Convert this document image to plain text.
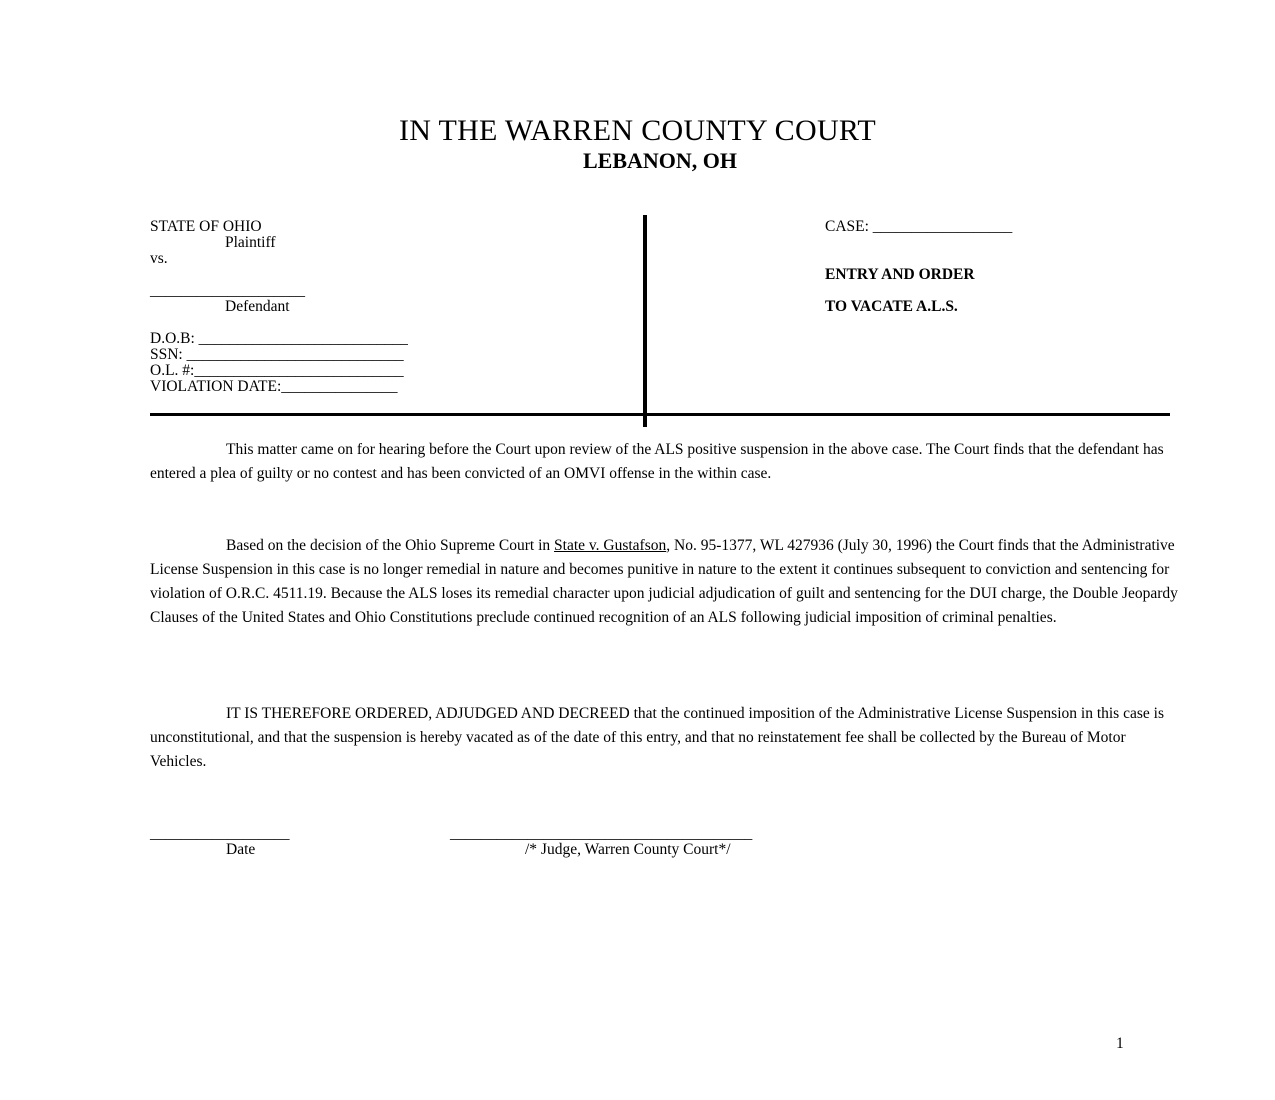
IN THE WARREN COUNTY COURT
LEBANON, OH
STATE OF OHIO
Plaintiff
vs.
____________________
Defendant
D.O.B: ___________________________
SSN: ____________________________
O.L. #:___________________________
VIOLATION DATE:_______________
CASE: __________________
ENTRY AND ORDER
TO VACATE A.L.S.

This matter came on for hearing before the Court upon review of the ALS positive suspension in the above case. The Court finds that the defendant has entered a plea of guilty or no contest and has been convicted of an OMVI offense in the within case.

Based on the decision of the Ohio Supreme Court in State v. Gustafson, No. 95-1377, WL 427936 (July 30, 1996) the Court finds that the Administrative License Suspension in this case is no longer remedial in nature and becomes punitive in nature to the extent it continues subsequent to conviction and sentencing for violation of O.R.C. 4511.19. Because the ALS loses its remedial character upon judicial adjudication of guilt and sentencing for the DUI charge, the Double Jeopardy Clauses of the United States and Ohio Constitutions preclude continued recognition of an ALS following judicial imposition of criminal penalties.

IT IS THEREFORE ORDERED, ADJUDGED AND DECREED that the continued imposition of the Administrative License Suspension in this case is unconstitutional, and that the suspension is hereby vacated as of the date of this entry, and that no reinstatement fee shall be collected by the Bureau of Motor Vehicles.

__________________
Date
_______________________________________
/* Judge, Warren County Court*/
1
